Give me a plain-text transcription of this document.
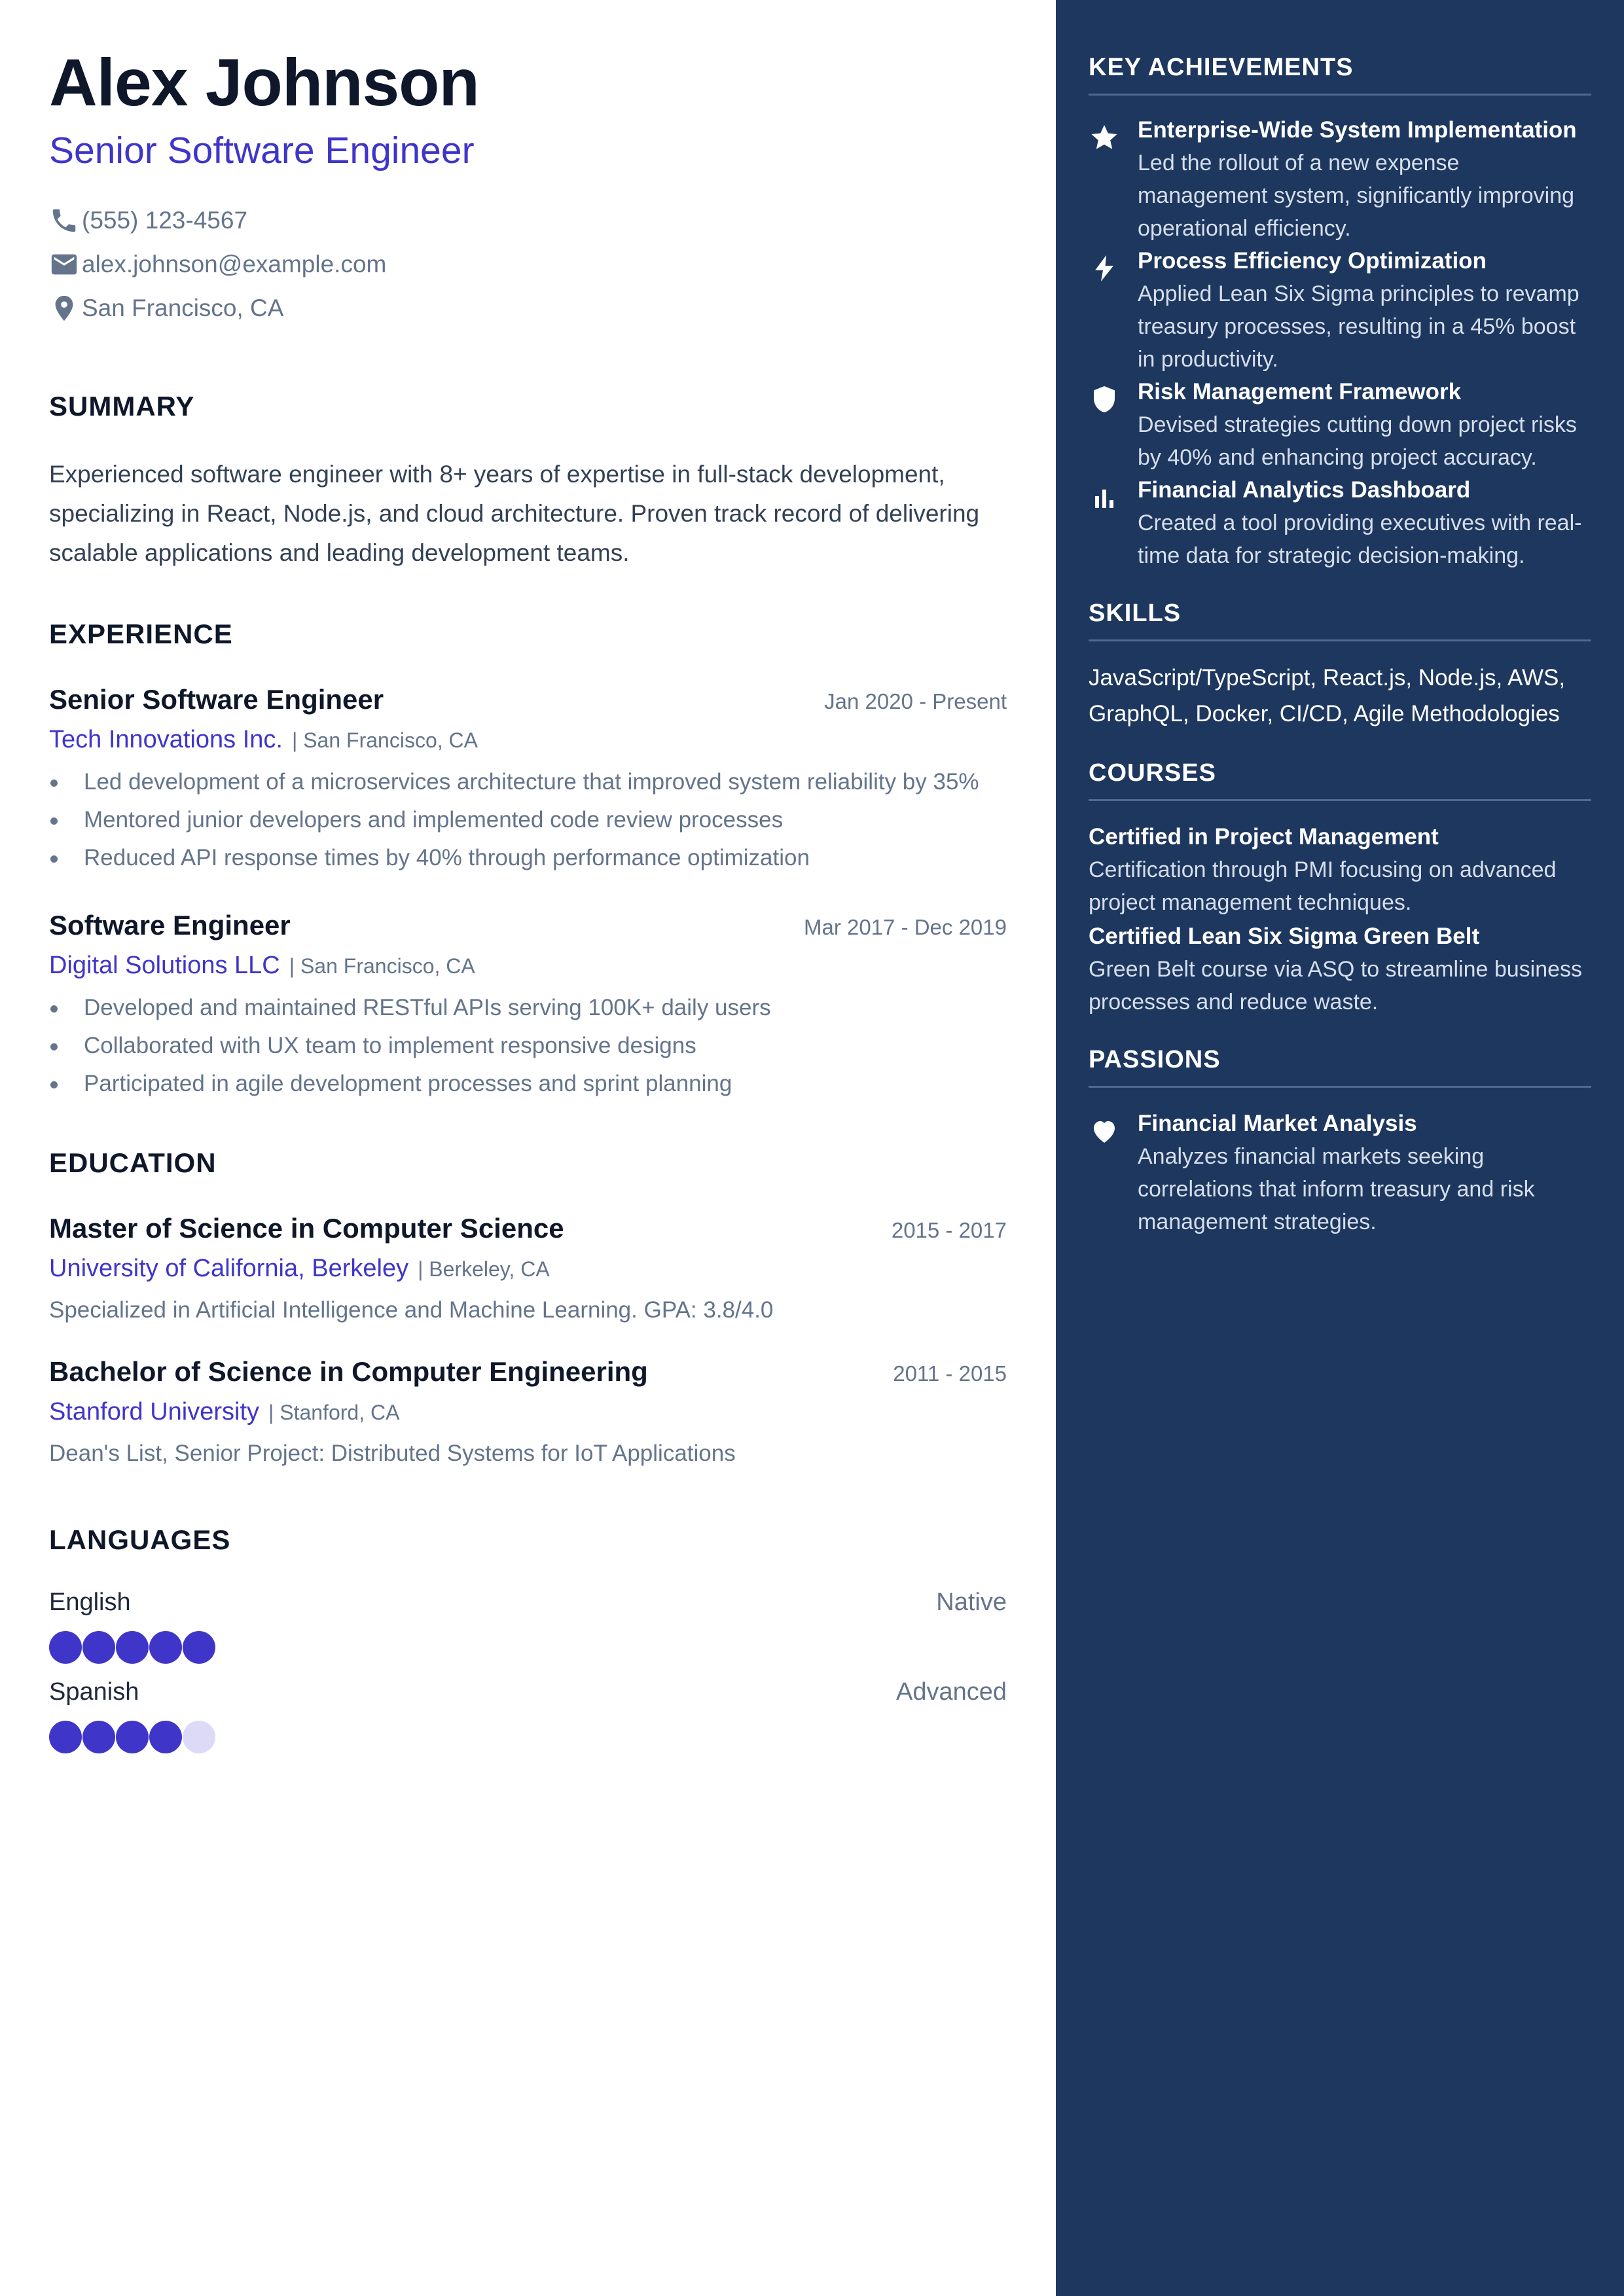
Alex Johnson
Senior Software Engineer
(555) 123-4567
alex.johnson@example.com
San Francisco, CA
SUMMARY
Experienced software engineer with 8+ years of expertise in full-stack development, specializing in React, Node.js, and cloud architecture. Proven track record of delivering scalable applications and leading development teams.
EXPERIENCE
Senior Software Engineer	Jan 2020 - Present
Tech Innovations Inc. | San Francisco, CA
Led development of a microservices architecture that improved system reliability by 35%
Mentored junior developers and implemented code review processes
Reduced API response times by 40% through performance optimization
Software Engineer	Mar 2017 - Dec 2019
Digital Solutions LLC | San Francisco, CA
Developed and maintained RESTful APIs serving 100K+ daily users
Collaborated with UX team to implement responsive designs
Participated in agile development processes and sprint planning
EDUCATION
Master of Science in Computer Science	2015 - 2017
University of California, Berkeley | Berkeley, CA
Specialized in Artificial Intelligence and Machine Learning. GPA: 3.8/4.0
Bachelor of Science in Computer Engineering	2011 - 2015
Stanford University | Stanford, CA
Dean's List, Senior Project: Distributed Systems for IoT Applications
LANGUAGES
English	Native
Spanish	Advanced
KEY ACHIEVEMENTS
Enterprise-Wide System Implementation
Led the rollout of a new expense management system, significantly improving operational efficiency.
Process Efficiency Optimization
Applied Lean Six Sigma principles to revamp treasury processes, resulting in a 45% boost in productivity.
Risk Management Framework
Devised strategies cutting down project risks by 40% and enhancing project accuracy.
Financial Analytics Dashboard
Created a tool providing executives with real-time data for strategic decision-making.
SKILLS
JavaScript/TypeScript, React.js, Node.js, AWS, GraphQL, Docker, CI/CD, Agile Methodologies
COURSES
Certified in Project Management
Certification through PMI focusing on advanced project management techniques.
Certified Lean Six Sigma Green Belt
Green Belt course via ASQ to streamline business processes and reduce waste.
PASSIONS
Financial Market Analysis
Analyzes financial markets seeking correlations that inform treasury and risk management strategies.
